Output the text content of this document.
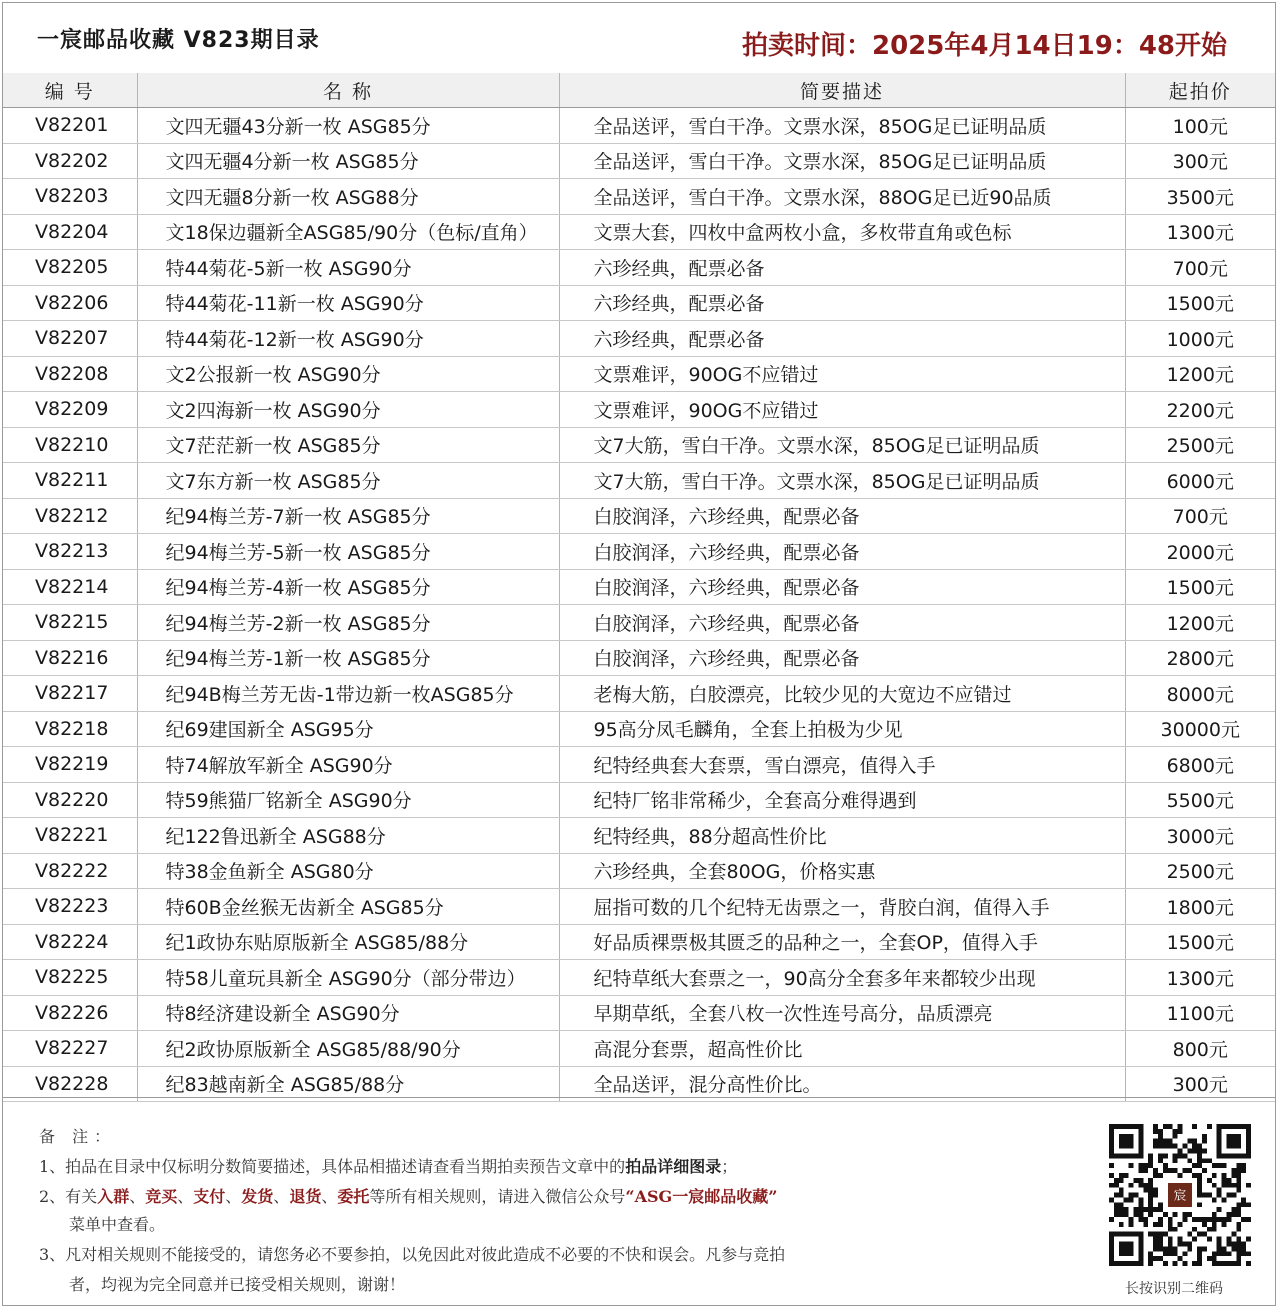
一宸邮品收藏 V823期目录	拍卖时间：2025年4月14日19：48开始
编 号	名 称	简要描述	起拍价
V82201	文四无疆43分新一枚 ASG85分	全品送评，雪白干净。文票水深，85OG足已证明品质	100元
V82202	文四无疆4分新一枚 ASG85分	全品送评，雪白干净。文票水深，85OG足已证明品质	300元
V82203	文四无疆8分新一枚 ASG88分	全品送评，雪白干净。文票水深，88OG足已近90品质	3500元
V82204	文18保边疆新全ASG85/90分（色标/直角）	文票大套，四枚中盒两枚小盒，多枚带直角或色标	1300元
V82205	特44菊花-5新一枚 ASG90分	六珍经典，配票必备	700元
V82206	特44菊花-11新一枚 ASG90分	六珍经典，配票必备	1500元
V82207	特44菊花-12新一枚 ASG90分	六珍经典，配票必备	1000元
V82208	文2公报新一枚 ASG90分	文票难评，90OG不应错过	1200元
V82209	文2四海新一枚 ASG90分	文票难评，90OG不应错过	2200元
V82210	文7茫茫新一枚 ASG85分	文7大筋，雪白干净。文票水深，85OG足已证明品质	2500元
V82211	文7东方新一枚 ASG85分	文7大筋，雪白干净。文票水深，85OG足已证明品质	6000元
V82212	纪94梅兰芳-7新一枚 ASG85分	白胶润泽，六珍经典，配票必备	700元
V82213	纪94梅兰芳-5新一枚 ASG85分	白胶润泽，六珍经典，配票必备	2000元
V82214	纪94梅兰芳-4新一枚 ASG85分	白胶润泽，六珍经典，配票必备	1500元
V82215	纪94梅兰芳-2新一枚 ASG85分	白胶润泽，六珍经典，配票必备	1200元
V82216	纪94梅兰芳-1新一枚 ASG85分	白胶润泽，六珍经典，配票必备	2800元
V82217	纪94B梅兰芳无齿-1带边新一枚ASG85分	老梅大筋，白胶漂亮，比较少见的大宽边不应错过	8000元
V82218	纪69建国新全 ASG95分	95高分凤毛麟角，全套上拍极为少见	30000元
V82219	特74解放军新全 ASG90分	纪特经典套大套票，雪白漂亮，值得入手	6800元
V82220	特59熊猫厂铭新全 ASG90分	纪特厂铭非常稀少，全套高分难得遇到	5500元
V82221	纪122鲁迅新全 ASG88分	纪特经典，88分超高性价比	3000元
V82222	特38金鱼新全 ASG80分	六珍经典，全套80OG，价格实惠	2500元
V82223	特60B金丝猴无齿新全 ASG85分	屈指可数的几个纪特无齿票之一，背胶白润，值得入手	1800元
V82224	纪1政协东贴原版新全 ASG85/88分	好品质裸票极其匮乏的品种之一，全套OP，值得入手	1500元
V82225	特58儿童玩具新全 ASG90分（部分带边）	纪特草纸大套票之一，90高分全套多年来都较少出现	1300元
V82226	特8经济建设新全 ASG90分	早期草纸，全套八枚一次性连号高分，品质漂亮	1100元
V82227	纪2政协原版新全 ASG85/88/90分	高混分套票，超高性价比	800元
V82228	纪83越南新全 ASG85/88分	全品送评，混分高性价比。	300元
备 注：
1、拍品在目录中仅标明分数简要描述，具体品相描述请查看当期拍卖预告文章中的拍品详细图录；
2、有关入群、竞买、支付、发货、退货、委托等所有相关规则，请进入微信公众号“ASG一宸邮品收藏”
菜单中查看。
3、凡对相关规则不能接受的，请您务必不要参拍，以免因此对彼此造成不必要的不快和误会。凡参与竞拍
者，均视为完全同意并已接受相关规则，谢谢！
宸
长按识别二维码
